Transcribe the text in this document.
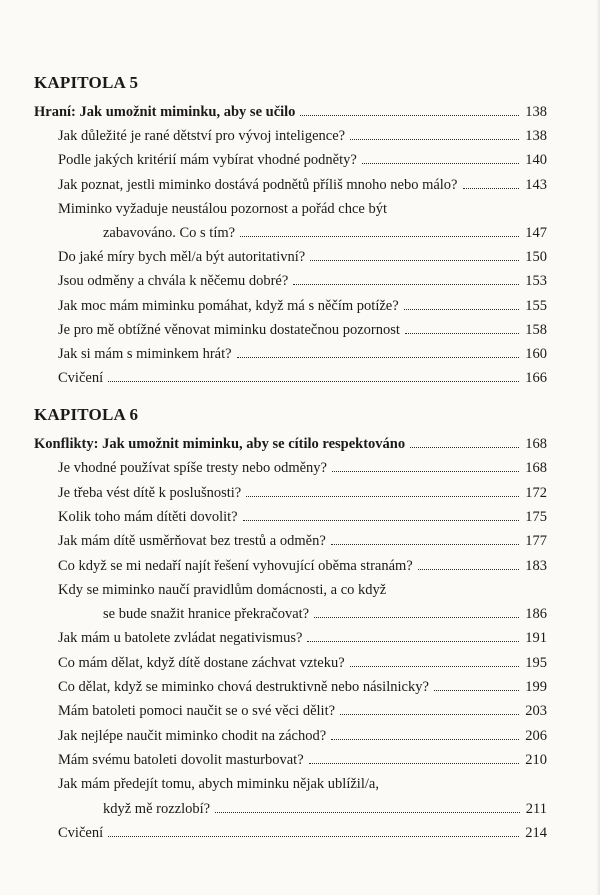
KAPITOLA 5
Hraní: Jak umožnit miminku, aby se učilo	138
Jak důležité je rané dětství pro vývoj inteligence?	138
Podle jakých kritérií mám vybírat vhodné podněty?	140
Jak poznat, jestli miminko dostává podnětů příliš mnoho nebo málo?	143
Miminko vyžaduje neustálou pozornost a pořád chce být
zabavováno. Co s tím?	147
Do jaké míry bych měl/a být autoritativní?	150
Jsou odměny a chvála k něčemu dobré?	153
Jak moc mám miminku pomáhat, když má s něčím potíže?	155
Je pro mě obtížné věnovat miminku dostatečnou pozornost	158
Jak si mám s miminkem hrát?	160
Cvičení	166
KAPITOLA 6
Konflikty: Jak umožnit miminku, aby se cítilo respektováno	168
Je vhodné používat spíše tresty nebo odměny?	168
Je třeba vést dítě k poslušnosti?	172
Kolik toho mám dítěti dovolit?	175
Jak mám dítě usměrňovat bez trestů a odměn?	177
Co když se mi nedaří najít řešení vyhovující oběma stranám?	183
Kdy se miminko naučí pravidlům domácnosti, a co když
se bude snažit hranice překračovat?	186
Jak mám u batolete zvládat negativismus?	191
Co mám dělat, když dítě dostane záchvat vzteku?	195
Co dělat, když se miminko chová destruktivně nebo násilnicky?	199
Mám batoleti pomoci naučit se o své věci dělit?	203
Jak nejlépe naučit miminko chodit na záchod?	206
Mám svému batoleti dovolit masturbovat?	210
Jak mám předejít tomu, abych miminku nějak ublížil/a,
když mě rozzlobí?	211
Cvičení	214
